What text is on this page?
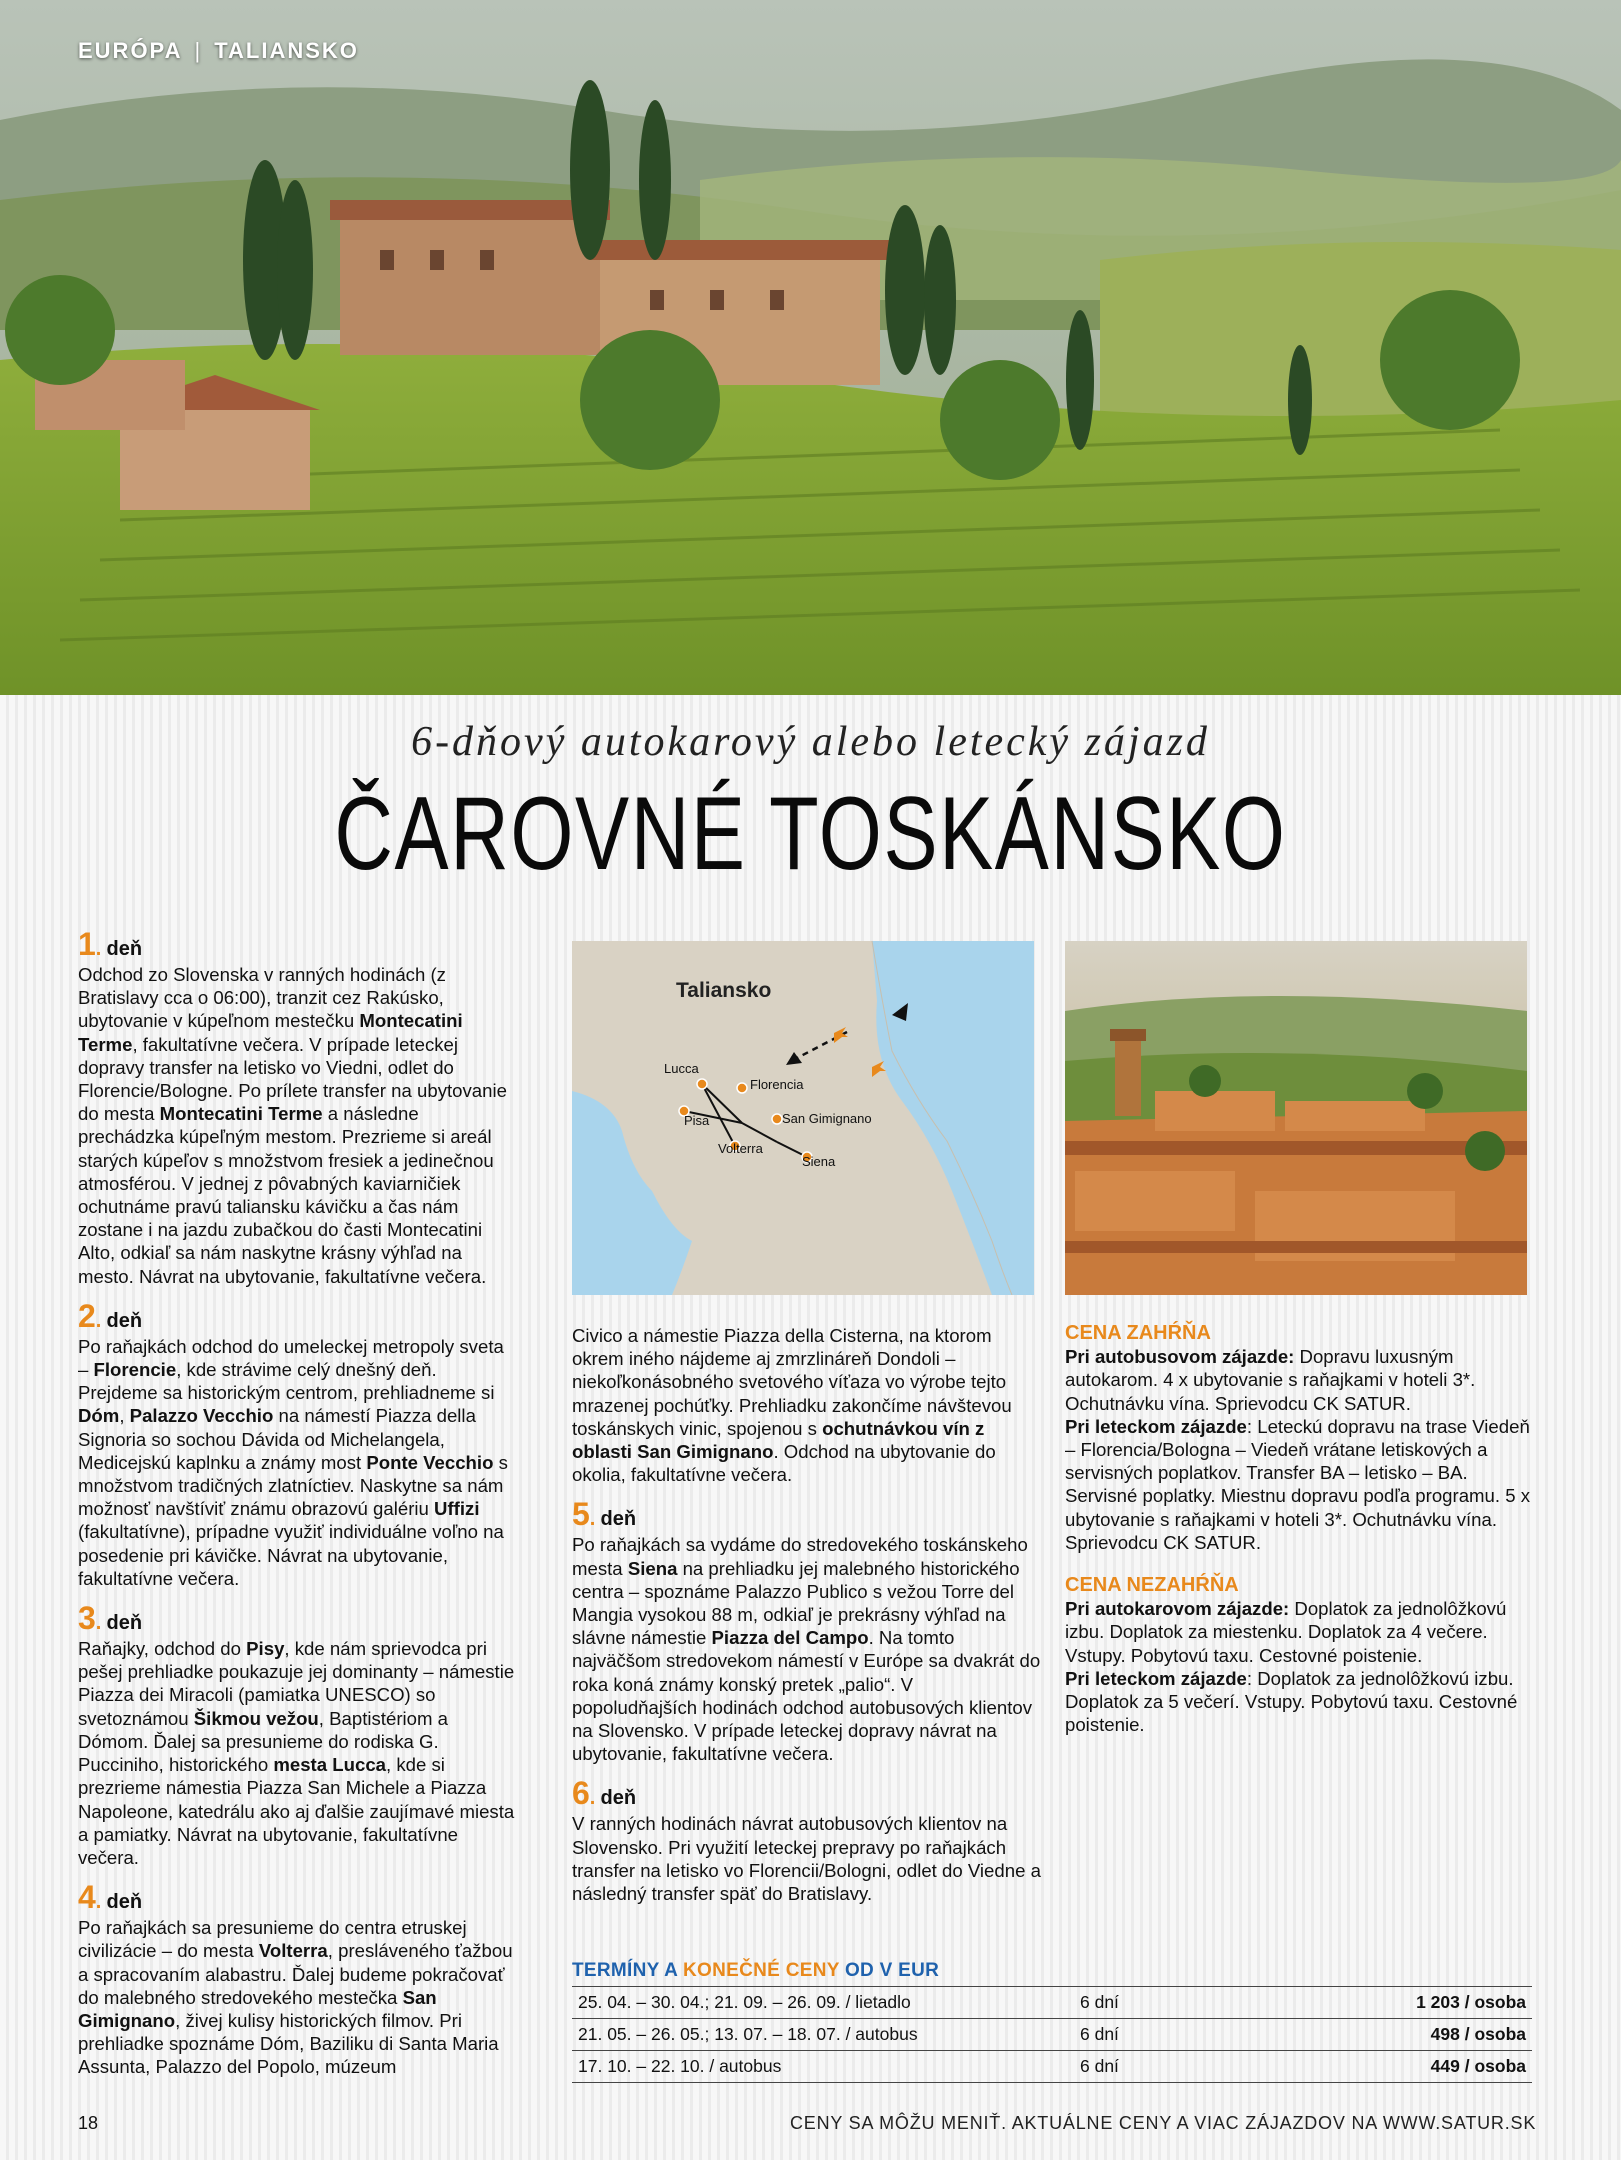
EURÓPA | TALIANSKO
6-dňový autokarový alebo letecký zájazd
ČAROVNÉ TOSKÁNSKO

1. deň

Odchod zo Slovenska v ranných hodinách (z Bratislavy cca o 06:00), tranzit cez Rakúsko, ubytovanie v kúpeľnom mestečku Montecatini Terme, fakultatívne večera. V prípade leteckej dopravy transfer na letisko vo Viedni, odlet do Florencie/Bologne. Po prílete transfer na ubytovanie do mesta Montecatini Terme a následne prechádzka kúpeľným mestom. Prezrieme si areál starých kúpeľov s množstvom fresiek a jedinečnou atmosférou. V jednej z pôvabných kaviarničiek ochutnáme pravú taliansku kávičku a čas nám zostane i na jazdu zubačkou do časti Montecatini Alto, odkiaľ sa nám naskytne krásny výhľad na mesto. Návrat na ubytovanie, fakultatívne večera.

2. deň

Po raňajkách odchod do umeleckej metropoly sveta – Florencie, kde strávime celý dnešný deň. Prejdeme sa historickým centrom, prehliadneme si Dóm, Palazzo Vecchio na námestí Piazza della Signoria so sochou Dávida od Michelangela, Medicejskú kaplnku a známy most Ponte Vecchio s množstvom tradičných zlatníctiev. Naskytne sa nám možnosť navštíviť známu obrazovú galériu Uffizi (fakultatívne), prípadne využiť individuálne voľno na posedenie pri kávičke. Návrat na ubytovanie, fakultatívne večera.

3. deň

Raňajky, odchod do Pisy, kde nám sprievodca pri pešej prehliadke poukazuje jej dominanty – námestie Piazza dei Miracoli (pamiatka UNESCO) so svetoznámou Šikmou vežou, Baptistériom a Dómom. Ďalej sa presunieme do rodiska G. Pucciniho, historického mesta Lucca, kde si prezrieme námestia Piazza San Michele a Piazza Napoleone, katedrálu ako aj ďalšie zaujímavé miesta a pamiatky. Návrat na ubytovanie, fakultatívne večera.

4. deň

Po raňajkách sa presunieme do centra etruskej civilizácie – do mesta Volterra, presláveného ťažbou a spracovaním alabastru. Ďalej budeme pokračovať do malebného stredovekého mestečka San Gimignano, živej kulisy historických filmov. Pri prehliadke spoznáme Dóm, Baziliku di Santa Maria Assunta, Palazzo del Popolo, múzeum

Taliansko
Lucca
Florencia
Pisa	San Gimignano
Volterra
Siena

Civico a námestie Piazza della Cisterna, na ktorom okrem iného nájdeme aj zmrzlináreň Dondoli – niekoľkonásobného svetového víťaza vo výrobe tejto mrazenej pochúťky. Prehliadku zakončíme návštevou toskánskych vinic, spojenou s ochutnávkou vín z oblasti San Gimignano. Odchod na ubytovanie do okolia, fakultatívne večera.

5. deň

Po raňajkách sa vydáme do stredovekého toskánskeho mesta Siena na prehliadku jej malebného historického centra – spoznáme Palazzo Publico s vežou Torre del Mangia vysokou 88 m, odkiaľ je prekrásny výhľad na slávne námestie Piazza del Campo. Na tomto najväčšom stredovekom námestí v Európe sa dvakrát do roka koná známy konský pretek „palio“. V popoludňajších hodinách odchod autobusových klientov na Slovensko. V prípade leteckej dopravy návrat na ubytovanie, fakultatívne večera.

6. deň

V ranných hodinách návrat autobusových klientov na Slovensko. Pri využití leteckej prepravy po raňajkách transfer na letisko vo Florencii/Bologni, odlet do Viedne a následný transfer späť do Bratislavy.

CENA ZAHŔŇA

Pri autobusovom zájazde: Dopravu luxusným autokarom. 4 x ubytovanie s raňajkami v hoteli 3*. Ochutnávku vína. Sprievodcu CK SATUR.

Pri leteckom zájazde: Leteckú dopravu na trase Viedeň – Florencia/Bologna – Viedeň vrátane letiskových a servisných poplatkov. Transfer BA – letisko – BA. Servisné poplatky. Miestnu dopravu podľa programu. 5 x ubytovanie s raňajkami v hoteli 3*. Ochutnávku vína. Sprievodcu CK SATUR.

CENA NEZAHŔŇA

Pri autokarovom zájazde: Doplatok za jednolôžkovú izbu. Doplatok za miestenku. Doplatok za 4 večere. Vstupy. Pobytovú taxu. Cestovné poistenie.

Pri leteckom zájazde: Doplatok za jednolôžkovú izbu. Doplatok za 5 večerí. Vstupy. Pobytovú taxu. Cestovné poistenie.

TERMÍNY A KONEČNÉ CENY OD V EUR
25. 04. – 30. 04.; 21. 09. – 26. 09. / lietadlo	6 dní	1 203 / osoba
21. 05. – 26. 05.; 13. 07. – 18. 07. / autobus	6 dní	498 / osoba
17. 10. – 22. 10. / autobus	6 dní	449 / osoba
18	CENY SA MÔŽU MENIŤ. AKTUÁLNE CENY A VIAC ZÁJAZDOV NA WWW.SATUR.SK
